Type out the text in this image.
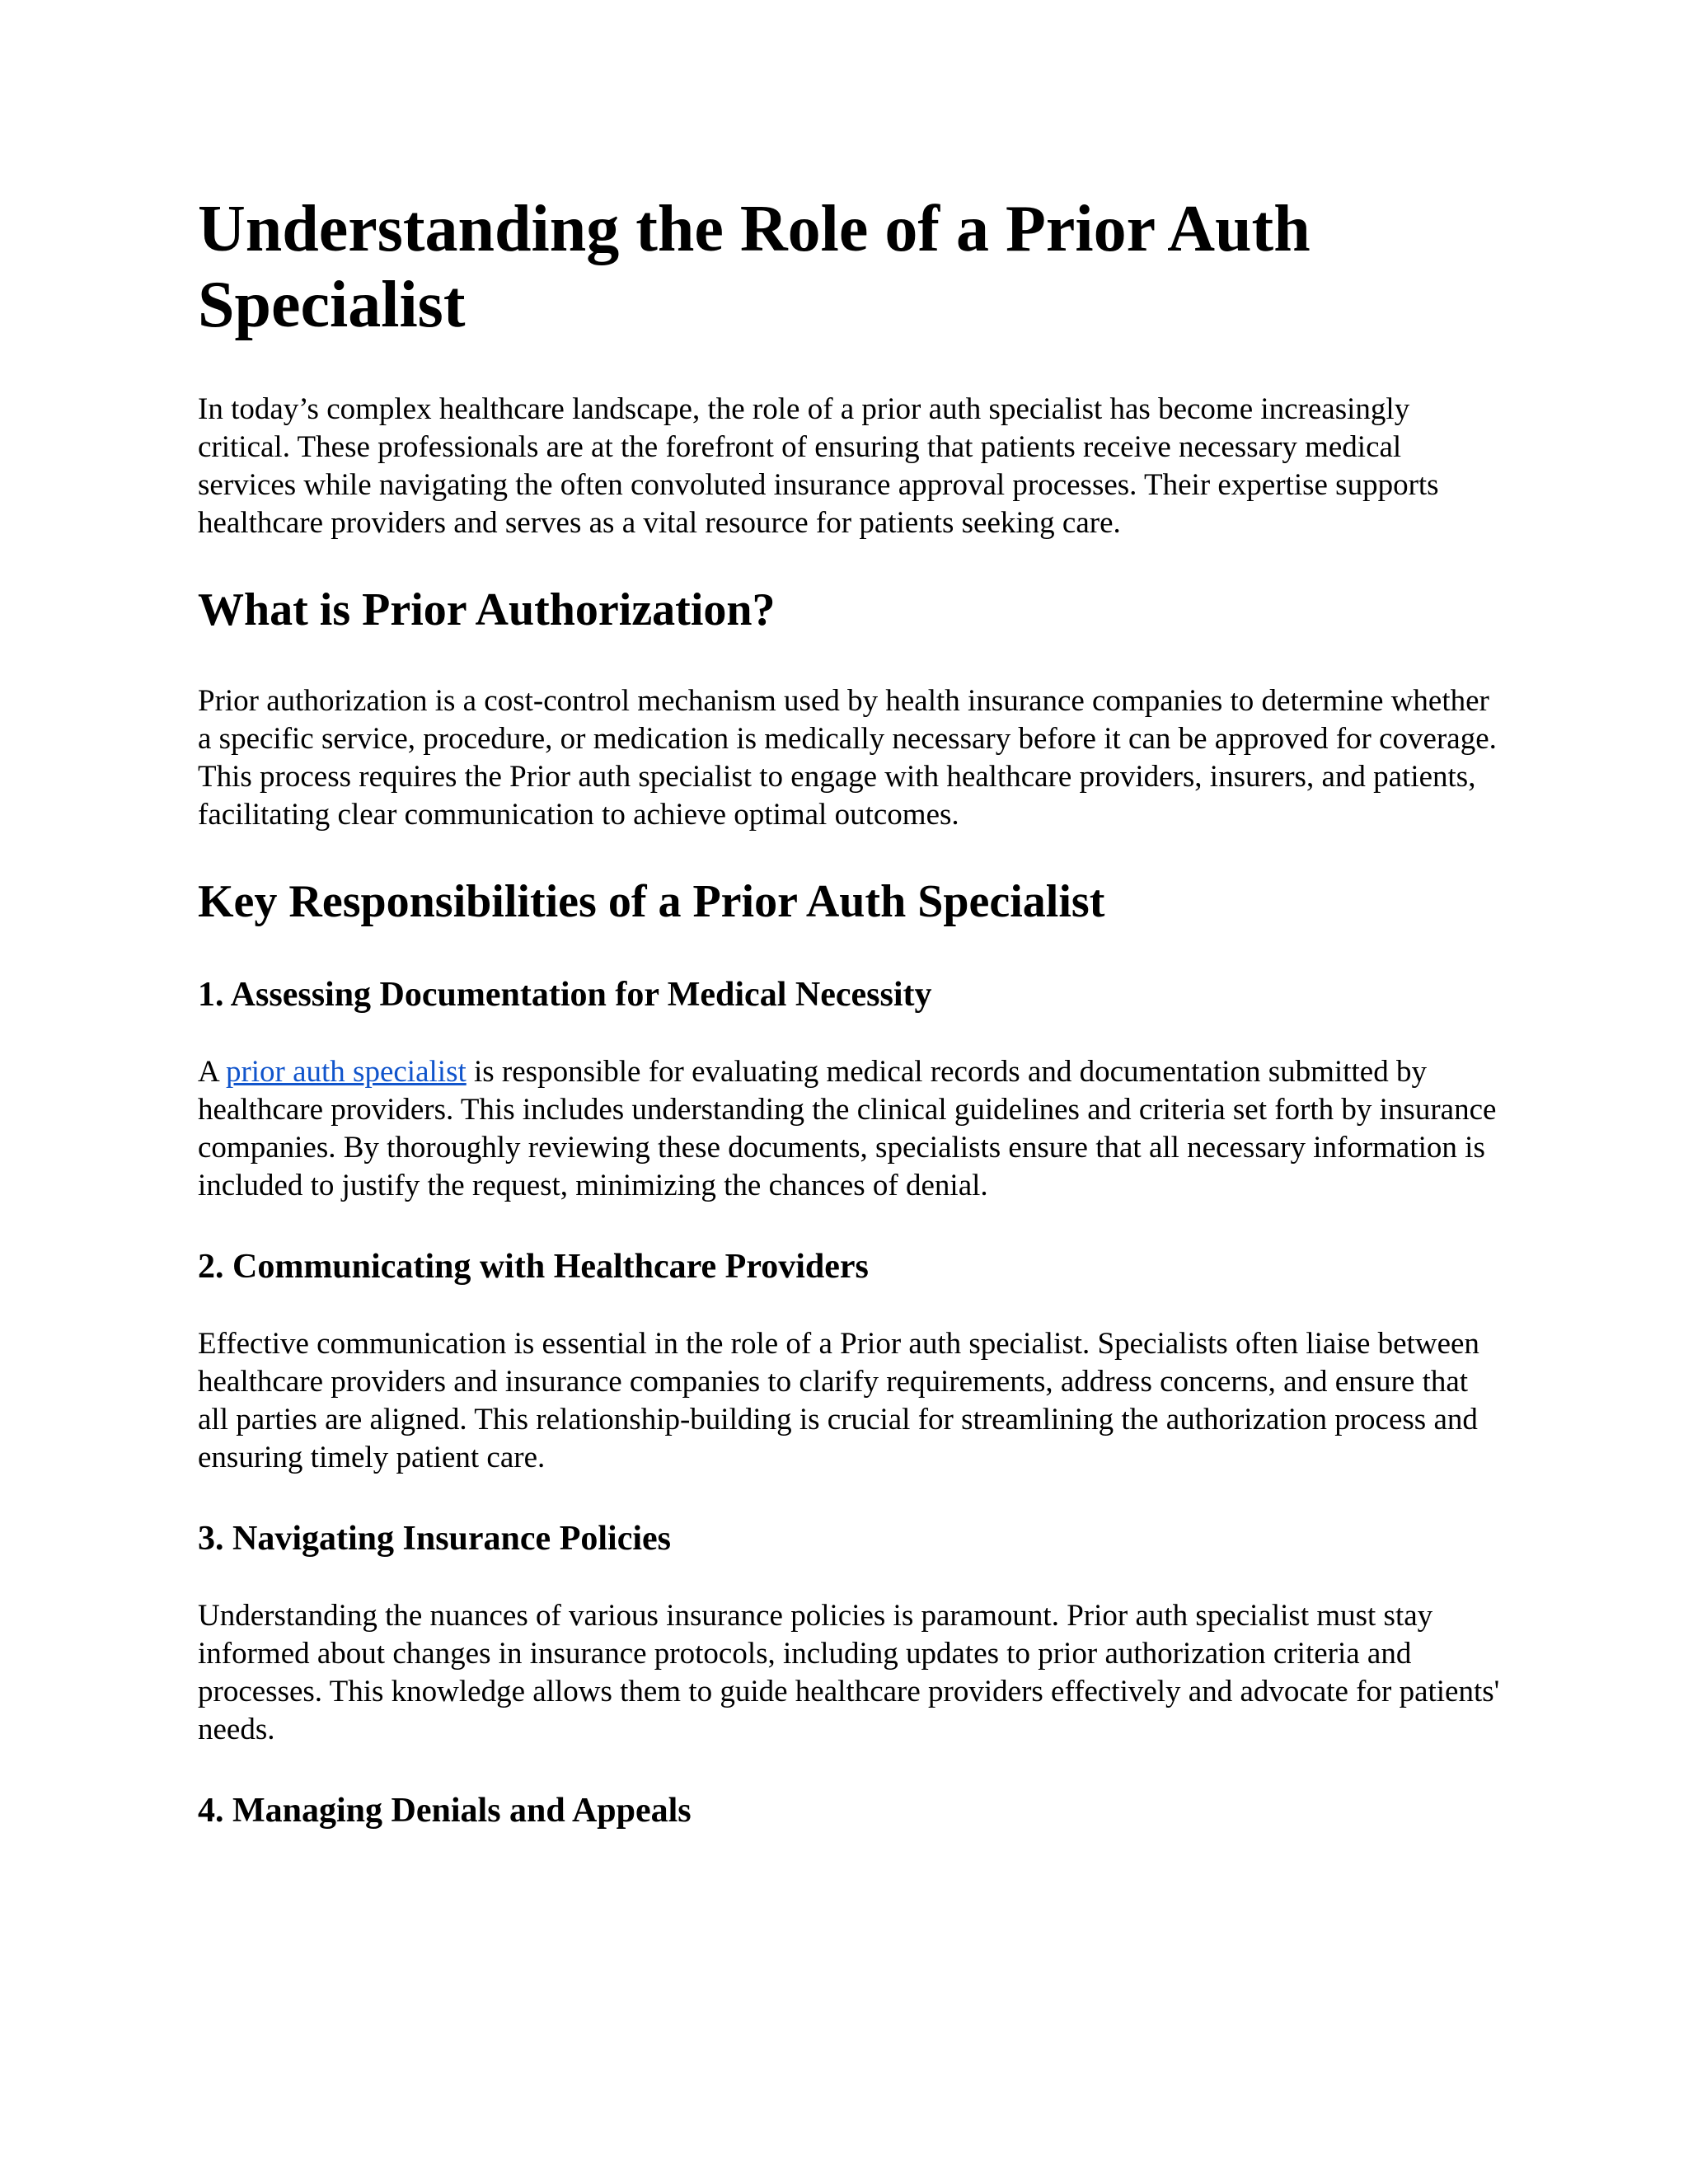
Understanding the Role of a Prior Auth Specialist

In today’s complex healthcare landscape, the role of a prior auth specialist has become increasingly critical. These professionals are at the forefront of ensuring that patients receive necessary medical services while navigating the often convoluted insurance approval processes. Their expertise supports healthcare providers and serves as a vital resource for patients seeking care.

What is Prior Authorization?

Prior authorization is a cost-control mechanism used by health insurance companies to determine whether a specific service, procedure, or medication is medically necessary before it can be approved for coverage. This process requires the Prior auth specialist to engage with healthcare providers, insurers, and patients, facilitating clear communication to achieve optimal outcomes.

Key Responsibilities of a Prior Auth Specialist
1. Assessing Documentation for Medical Necessity

A prior auth specialist is responsible for evaluating medical records and documentation submitted by healthcare providers. This includes understanding the clinical guidelines and criteria set forth by insurance companies. By thoroughly reviewing these documents, specialists ensure that all necessary information is included to justify the request, minimizing the chances of denial.

2. Communicating with Healthcare Providers

Effective communication is essential in the role of a Prior auth specialist. Specialists often liaise between healthcare providers and insurance companies to clarify requirements, address concerns, and ensure that all parties are aligned. This relationship-building is crucial for streamlining the authorization process and ensuring timely patient care.

3. Navigating Insurance Policies

Understanding the nuances of various insurance policies is paramount. Prior auth specialist must stay informed about changes in insurance protocols, including updates to prior authorization criteria and processes. This knowledge allows them to guide healthcare providers effectively and advocate for patients' needs.

4. Managing Denials and Appeals
